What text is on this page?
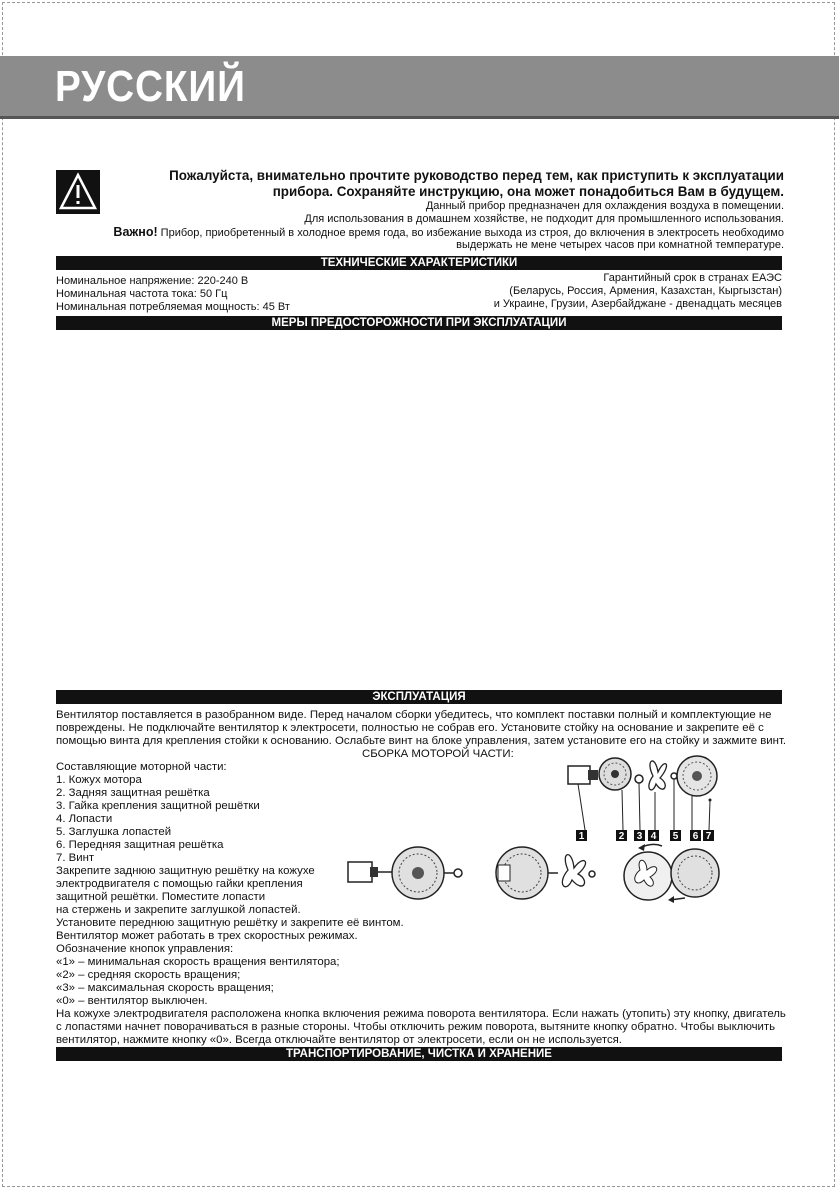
РУССКИЙ
Пожалуйста, внимательно прочтите руководство перед тем, как приступить к эксплуатации
прибора. Сохраняйте инструкцию, она может понадобиться Вам в будущем.
Данный прибор предназначен для охлаждения воздуха в помещении.
Для использования в домашнем хозяйстве, не подходит для промышленного использования.
Важно! Прибор, приобретенный в холодное время года, во избежание выхода из строя, до включения в электросеть необходимо
выдержать не мене четырех часов при комнатной температуре.
ТЕХНИЧЕСКИЕ ХАРАКТЕРИСТИКИ
Номинальное напряжение: 220-240 В
Номинальная частота тока: 50 Гц
Номинальная потребляемая мощность: 45 Вт
Гарантийный срок в странах ЕАЭС
(Беларусь, Россия, Армения, Казахстан, Кыргызстан)
и Украине, Грузии, Азербайджане - двенадцать месяцев
МЕРЫ ПРЕДОСТОРОЖНОСТИ ПРИ ЭКСПЛУАТАЦИИ
ЭКСПЛУАТАЦИЯ
Вентилятор поставляется в разобранном виде. Перед началом сборки убедитесь, что комплект поставки полный и комплектующие не
повреждены. Не подключайте вентилятор к электросети, полностью не собрав его. Установите стойку на основание и закрепите её с
помощью винта для крепления стойки к основанию. Ослабьте винт на блоке управления, затем установите его на стойку и зажмите винт.
СБОРКА МОТОРОЙ ЧАСТИ:
Составляющие моторной части:
1. Кожух мотора
2. Задняя защитная решётка
3. Гайка крепления защитной решётки
4. Лопасти
5. Заглушка лопастей
6. Передняя защитная решётка
7. Винт
Закрепите заднюю защитную решётку на кожухе
электродвигателя с помощью гайки крепления
защитной решётки. Поместите лопасти
на стержень и закрепите заглушкой лопастей.
Установите переднюю защитную решётку и закрепите её винтом.
Вентилятор может работать в трех скоростных режимах.
Обозначение кнопок управления:
«1» – минимальная скорость вращения вентилятора;
«2» – средняя скорость вращения;
«3» – максимальная скорость вращения;
«0» – вентилятор выключен.
На кожухе электродвигателя расположена кнопка включения режима поворота вентилятора. Если нажать (утопить) эту кнопку, двигатель
с лопастями начнет поворачиваться в разные стороны. Чтобы отключить режим поворота, вытяните кнопку обратно. Чтобы выключить
вентилятор, нажмите кнопку «0». Всегда отключайте вентилятор от электросети, если он не используется.
1	2 3 4 5 6 7
ТРАНСПОРТИРОВАНИЕ, ЧИСТКА И ХРАНЕНИЕ
